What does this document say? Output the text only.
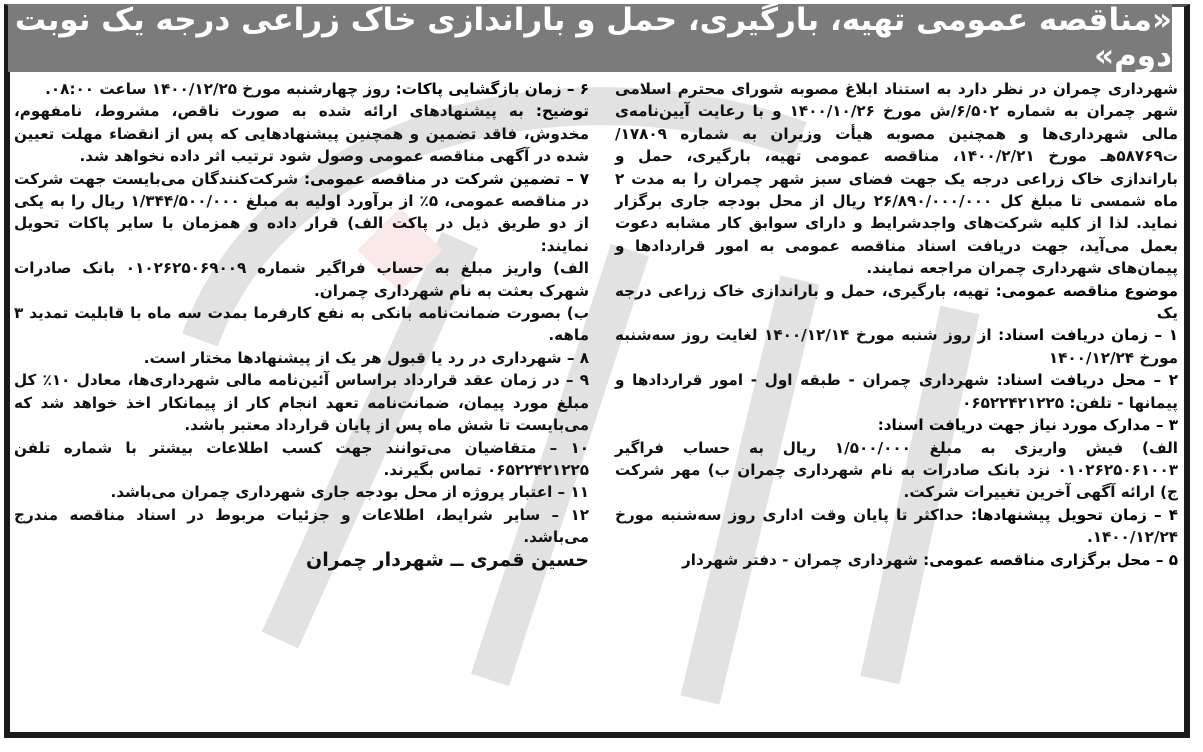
«مناقصه عمومی تهیه، بارگیری، حمل و باراندازی خاک زراعی درجه یک نوبت دوم»

شهرداری چمران در نظر دارد به استناد ابلاغ مصوبه شورای محترم اسلامی شهر چمران به شماره ۶/۵۰۲/ش مورخ ۱۴۰۰/۱۰/۲۶ و با رعایت آیین‌نامه‌ی مالی شهرداری‌ها و همچنین مصوبه هیأت وزیران به شماره ۱۷۸۰۹/ت۵۸۷۶۹هـ مورخ ۱۴۰۰/۲/۲۱، مناقصه عمومی تهیه، بارگیری، حمل و باراندازی خاک زراعی درجه یک جهت فضای سبز شهر چمران را به مدت ۲ ماه شمسی تا مبلغ کل ۲۶/۸۹۰/۰۰۰/۰۰۰ ریال از محل بودجه جاری برگزار نماید. لذا از کلیه شرکت‌های واجدشرایط و دارای سوابق کار مشابه دعوت بعمل می‌آید، جهت دریافت اسناد مناقصه عمومی به امور قراردادها و پیمان‌های شهرداری چمران مراجعه نمایند.

موضوع مناقصه عمومی: تهیه، بارگیری، حمل و باراندازی خاک زراعی درجه یک

۱ – زمان دریافت اسناد: از روز شنبه مورخ ۱۴۰۰/۱۲/۱۴ لغایت روز سه‌شنبه مورخ ۱۴۰۰/۱۲/۲۴

۲ – محل دریافت اسناد: شهرداری چمران - طبقه اول - امور قراردادها و پیمانها - تلفن: ۰۶۵۲۲۴۲۱۲۲۵

۳ – مدارک مورد نیاز جهت دریافت اسناد:

الف) فیش واریزی به مبلغ ۱/۵۰۰/۰۰۰ ریال به حساب فراگیر ۰۱۰۲۶۲۵۰۶۱۰۰۳ نزد بانک صادرات به نام شهرداری چمران ب) مهر شرکت ج) ارائه آگهی آخرین تغییرات شرکت.

۴ – زمان تحویل پیشنهادها: حداکثر تا پایان وقت اداری روز سه‌شنبه مورخ ۱۴۰۰/۱۲/۲۴.

۵ – محل برگزاری مناقصه عمومی: شهرداری چمران - دفتر شهردار

۶ – زمان بازگشایی پاکات: روز چهارشنبه مورخ ۱۴۰۰/۱۲/۲۵ ساعت ۰۸:۰۰.

توضیح: به پیشنهادهای ارائه شده به صورت ناقص، مشروط، نامفهوم، مخدوش، فاقد تضمین و همچنین پیشنهادهایی که پس از انقضاء مهلت تعیین شده در آگهی مناقصه عمومی وصول شود ترتیب اثر داده نخواهد شد.

۷ – تضمین شرکت در مناقصه عمومی: شرکت‌کنندگان می‌بایست جهت شرکت در مناقصه عمومی، ۵٪ از برآورد اولیه به مبلغ ۱/۳۴۴/۵۰۰/۰۰۰ ریال را به یکی از دو طریق ذیل در پاکت الف) قرار داده و همزمان با سایر پاکات تحویل نمایند:

الف) واریز مبلغ به حساب فراگیر شماره ۰۱۰۲۶۲۵۰۶۹۰۰۹ بانک صادرات شهرک بعثت به نام شهرداری چمران.

ب) بصورت ضمانت‌نامه بانکی به نفع کارفرما بمدت سه ماه با قابلیت تمدید ۳ ماهه.

۸ – شهرداری در رد یا قبول هر یک از پیشنهادها مختار است.

۹ – در زمان عقد قرارداد براساس آئین‌نامه مالی شهرداری‌ها، معادل ۱۰٪ کل مبلغ مورد پیمان، ضمانت‌نامه تعهد انجام کار از پیمانکار اخذ خواهد شد که می‌بایست تا شش ماه پس از پایان قرارداد معتبر باشد.

۱۰ – متقاضیان می‌توانند جهت کسب اطلاعات بیشتر با شماره تلفن ۰۶۵۲۲۴۲۱۲۲۵ تماس بگیرند.

۱۱ – اعتبار پروژه از محل بودجه جاری شهرداری چمران می‌باشد.

۱۲ – سایر شرایط، اطلاعات و جزئیات مربوط در اسناد مناقصه مندرج می‌باشد.

حسین قمری ــ شهردار چمران
